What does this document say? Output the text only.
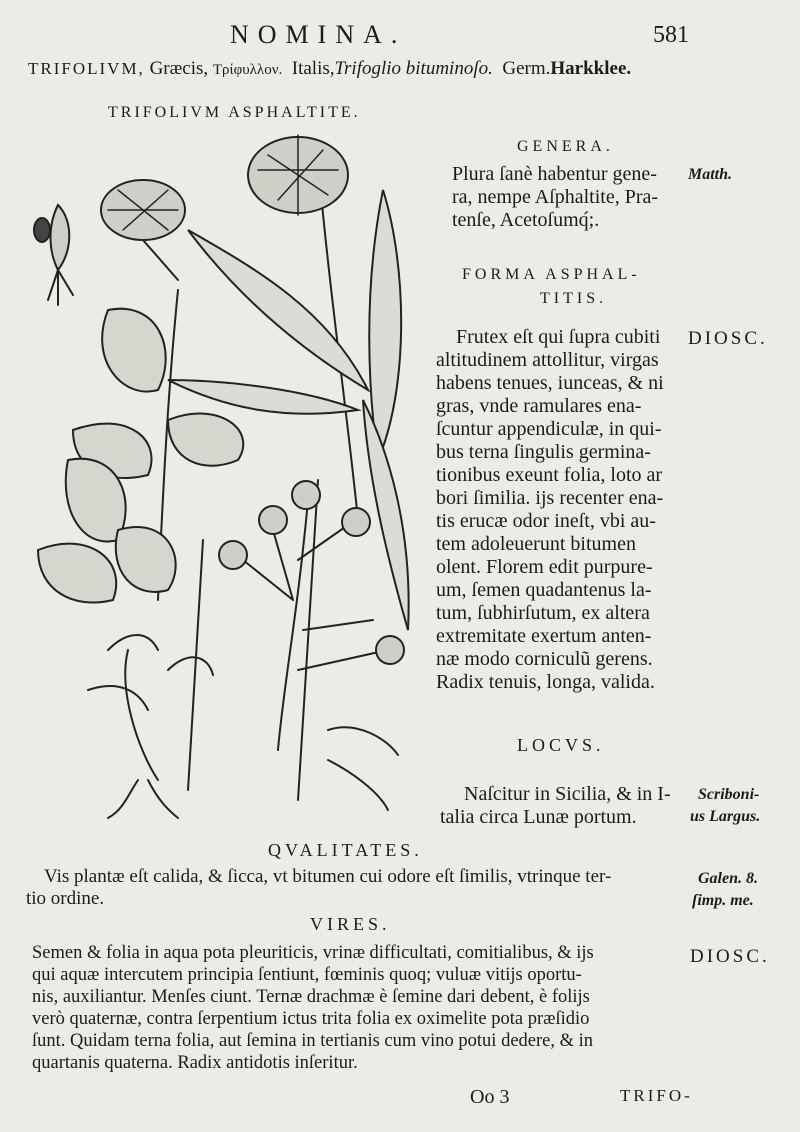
NOMINA.	581
TRIFOLIVM, Græcis, Τρίφυλλον. Italis,Trifoglio bituminoſo. Germ.Harkklee.
TRIFOLIVM ASPHALTITE.
GENERA.
Plura ſanè habentur gene-
ra, nempe Aſphaltite, Pra-
tenſe, Acetoſumq́;.
Matth.
FORMA ASPHAL-
TITIS.
Frutex eſt qui ſupra cubiti
altitudinem attollitur, virgas
habens tenues, iunceas, & ni
gras, vnde ramulares ena-
ſcuntur appendiculæ, in qui-
bus terna ſingulis germina-
tionibus exeunt folia, loto ar
bori ſimilia. ijs recenter ena-
tis erucæ odor ineſt, vbi au-
tem adoleuerunt bitumen
olent. Florem edit purpure-
um, ſemen quadantenus la-
tum, ſubhirſutum, ex altera
extremitate exertum anten-
næ modo corniculũ gerens.
Radix tenuis, longa, valida.
DIOSC.
LOCVS.
Naſcitur in Sicilia, & in I-
talia circa Lunæ portum.
Scriboni-
us Largus.
QVALITATES.
Vis plantæ eſt calida, & ſicca, vt bitumen cui odore eſt ſimilis, vtrinque ter-
tio ordine.
Galen. 8.
ſimp. me.
VIRES.
Semen & folia in aqua pota pleuriticis, vrinæ difficultati, comitialibus, & ijs
qui aquæ intercutem principia ſentiunt, fœminis quoq; vuluæ vitijs oportu-
nis, auxiliantur. Menſes ciunt. Ternæ drachmæ è ſemine dari debent, è folijs
verò quaternæ, contra ſerpentium ictus trita folia ex oximelite pota præſidio
ſunt. Quidam terna folia, aut ſemina in tertianis cum vino potui dedere, & in
quartanis quaterna. Radix antidotis inſeritur.
DIOSC.
Oo 3	TRIFO-
